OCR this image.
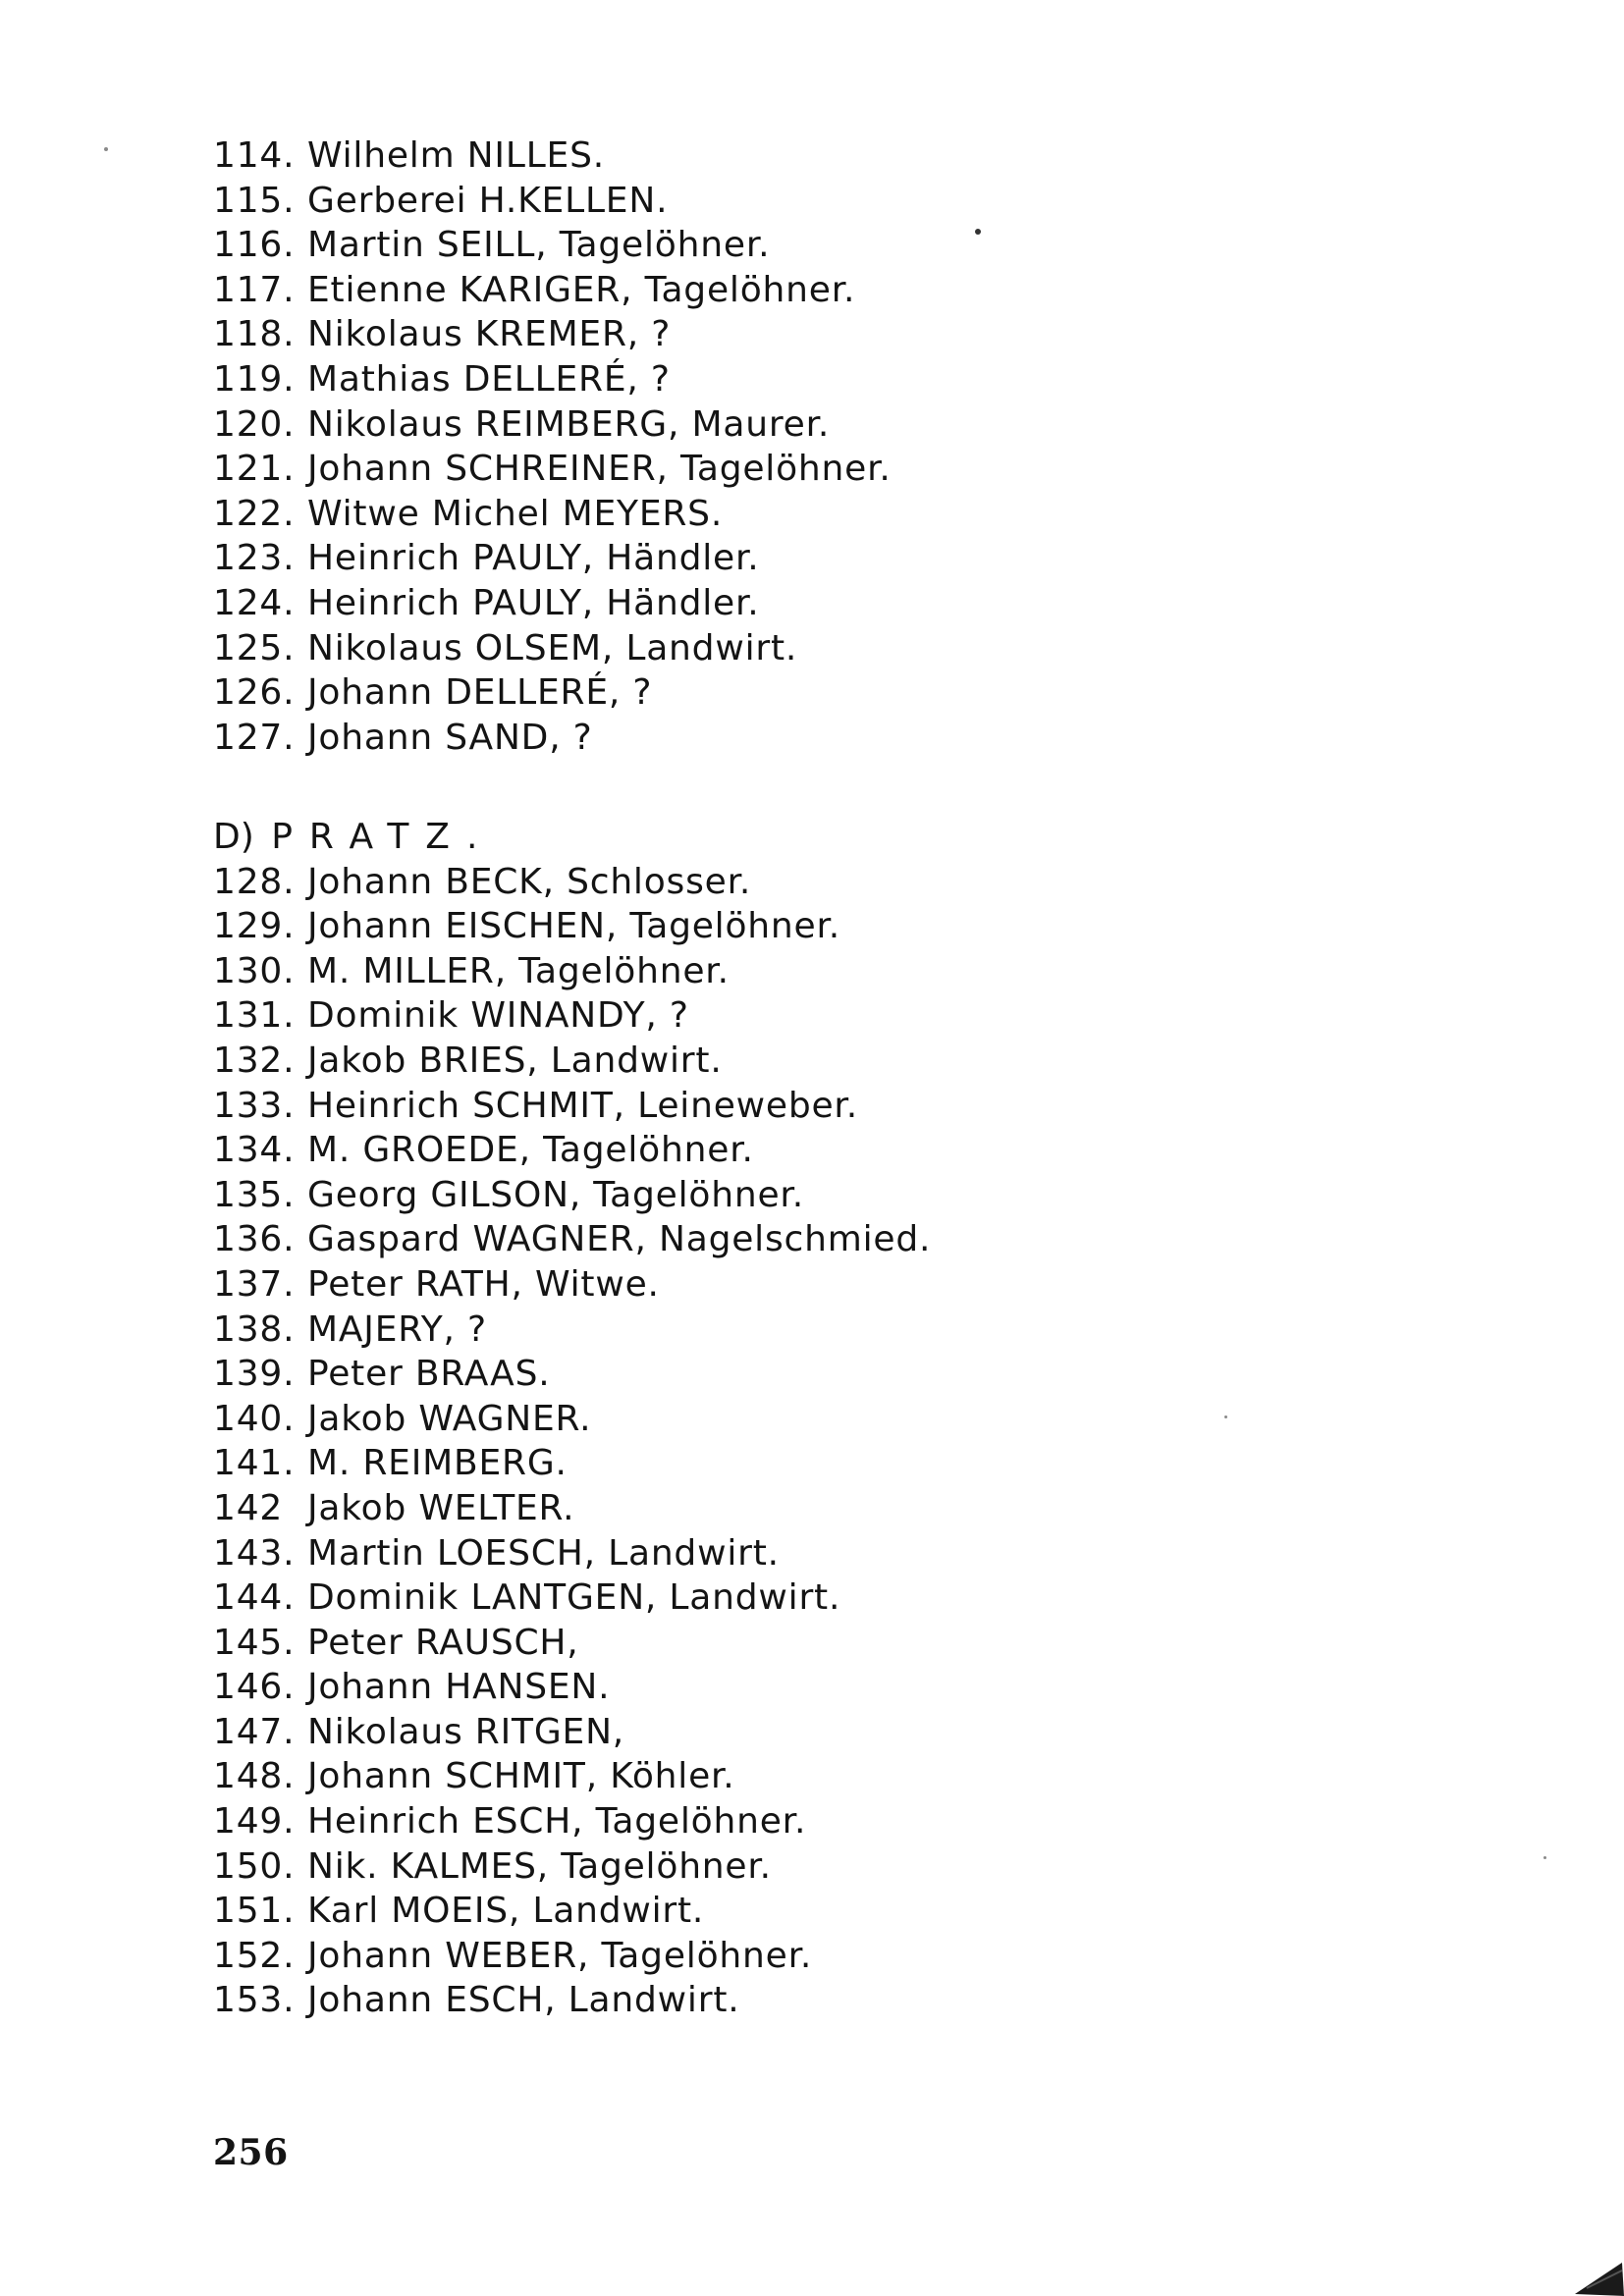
114. Wilhelm NILLES.
115. Gerberei H.KELLEN.
116. Martin SEILL, Tagelöhner.
117. Etienne KARIGER, Tagelöhner.
118. Nikolaus KREMER, ?
119. Mathias DELLERÉ, ?
120. Nikolaus REIMBERG, Maurer.
121. Johann SCHREINER, Tagelöhner.
122. Witwe Michel MEYERS.
123. Heinrich PAULY, Händler.
124. Heinrich PAULY, Händler.
125. Nikolaus OLSEM, Landwirt.
126. Johann DELLERÉ, ?
127. Johann SAND, ?
D) PRATZ.
128. Johann BECK, Schlosser.
129. Johann EISCHEN, Tagelöhner.
130. M. MILLER, Tagelöhner.
131. Dominik WINANDY, ?
132. Jakob BRIES, Landwirt.
133. Heinrich SCHMIT, Leineweber.
134. M. GROEDE, Tagelöhner.
135. Georg GILSON, Tagelöhner.
136. Gaspard WAGNER, Nagelschmied.
137. Peter RATH, Witwe.
138. MAJERY, ?
139. Peter BRAAS.
140. Jakob WAGNER.
141. M. REIMBERG.
142 Jakob WELTER.
143. Martin LOESCH, Landwirt.
144. Dominik LANTGEN, Landwirt.
145. Peter RAUSCH,
146. Johann HANSEN.
147. Nikolaus RITGEN,
148. Johann SCHMIT, Köhler.
149. Heinrich ESCH, Tagelöhner.
150. Nik. KALMES, Tagelöhner.
151. Karl MOEIS, Landwirt.
152. Johann WEBER, Tagelöhner.
153. Johann ESCH, Landwirt.
256
